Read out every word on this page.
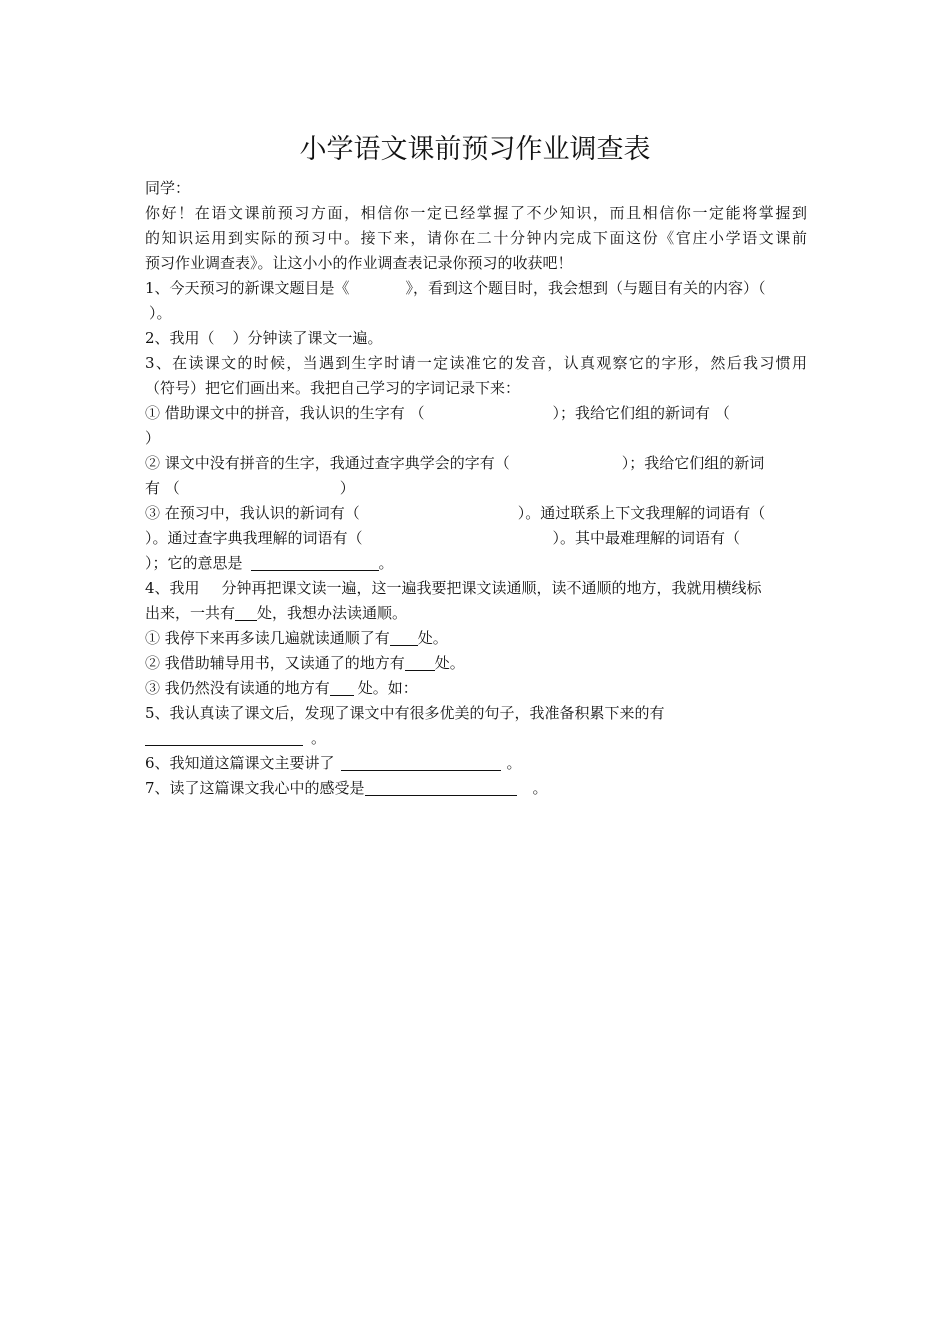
小学语文课前预习作业调查表
同学：
你好！在语文课前预习方面，相信你一定已经掌握了不少知识，而且相信你一定能将掌握到
的知识运用到实际的预习中。接下来，请你在二十分钟内完成下面这份《官庄小学语文课前
预习作业调查表》。让这小小的作业调查表记录你预习的收获吧！
1、今天预习的新课文题目是《	》，看到这个题目时，我会想到（与题目有关的内容）（
）。
2、我用（ ）分钟读了课文一遍。
3、在读课文的时候，当遇到生字时请一定读准它的发音，认真观察它的字形，然后我习惯用
（符号）把它们画出来。我把自己学习的字词记录下来：
① 借助课文中的拼音，我认识的生字有 （	）；我给它们组的新词有 （
）
② 课文中没有拼音的生字，我通过查字典学会的字有（	）；我给它们组的新词
有 （	）
③ 在预习中，我认识的新词有（	）。通过联系上下文我理解的词语有（
）。通过查字典我理解的词语有（	）。其中最难理解的词语有（
）；它的意思是	。
4、我用 分钟再把课文读一遍，这一遍我要把课文读通顺，读不通顺的地方，我就用横线标
出来，一共有 处，我想办法读通顺。
① 我停下来再多读几遍就读通顺了有 处。
② 我借助辅导用书，又读通了的地方有 处。
③ 我仍然没有读通的地方有 处。如：
5、我认真读了课文后，发现了课文中有很多优美的句子，我准备积累下来的有
。
6、我知道这篇课文主要讲了	。
7、读了这篇课文我心中的感受是	。
